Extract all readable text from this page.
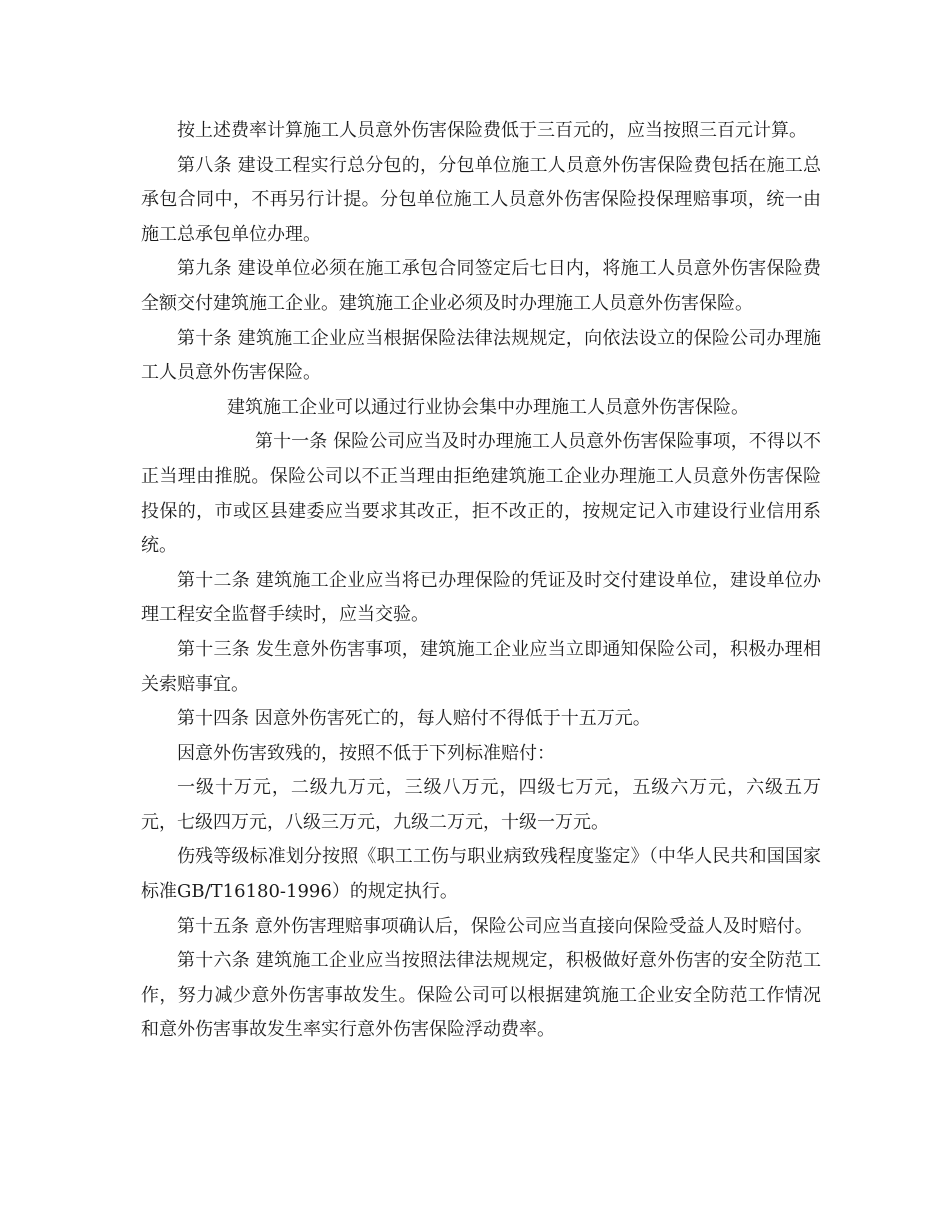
按上述费率计算施工人员意外伤害保险费低于三百元的，应当按照三百元计算。

第八条 建设工程实行总分包的，分包单位施工人员意外伤害保险费包括在施工总承包合同中，不再另行计提。分包单位施工人员意外伤害保险投保理赔事项，统一由施工总承包单位办理。

第九条 建设单位必须在施工承包合同签定后七日内，将施工人员意外伤害保险费全额交付建筑施工企业。建筑施工企业必须及时办理施工人员意外伤害保险。

第十条 建筑施工企业应当根据保险法律法规规定，向依法设立的保险公司办理施工人员意外伤害保险。

建筑施工企业可以通过行业协会集中办理施工人员意外伤害保险。

第十一条 保险公司应当及时办理施工人员意外伤害保险事项，不得以不正当理由推脱。保险公司以不正当理由拒绝建筑施工企业办理施工人员意外伤害保险投保的，市或区县建委应当要求其改正，拒不改正的，按规定记入市建设行业信用系统。

第十二条 建筑施工企业应当将已办理保险的凭证及时交付建设单位，建设单位办理工程安全监督手续时，应当交验。

第十三条 发生意外伤害事项，建筑施工企业应当立即通知保险公司，积极办理相关索赔事宜。

第十四条 因意外伤害死亡的，每人赔付不得低于十五万元。

因意外伤害致残的，按照不低于下列标准赔付：

一级十万元，二级九万元，三级八万元，四级七万元，五级六万元，六级五万元，七级四万元，八级三万元，九级二万元，十级一万元。

伤残等级标准划分按照《职工工伤与职业病致残程度鉴定》（中华人民共和国国家标准GB/T16180-1996）的规定执行。

第十五条 意外伤害理赔事项确认后，保险公司应当直接向保险受益人及时赔付。

第十六条 建筑施工企业应当按照法律法规规定，积极做好意外伤害的安全防范工作，努力减少意外伤害事故发生。保险公司可以根据建筑施工企业安全防范工作情况和意外伤害事故发生率实行意外伤害保险浮动费率。
